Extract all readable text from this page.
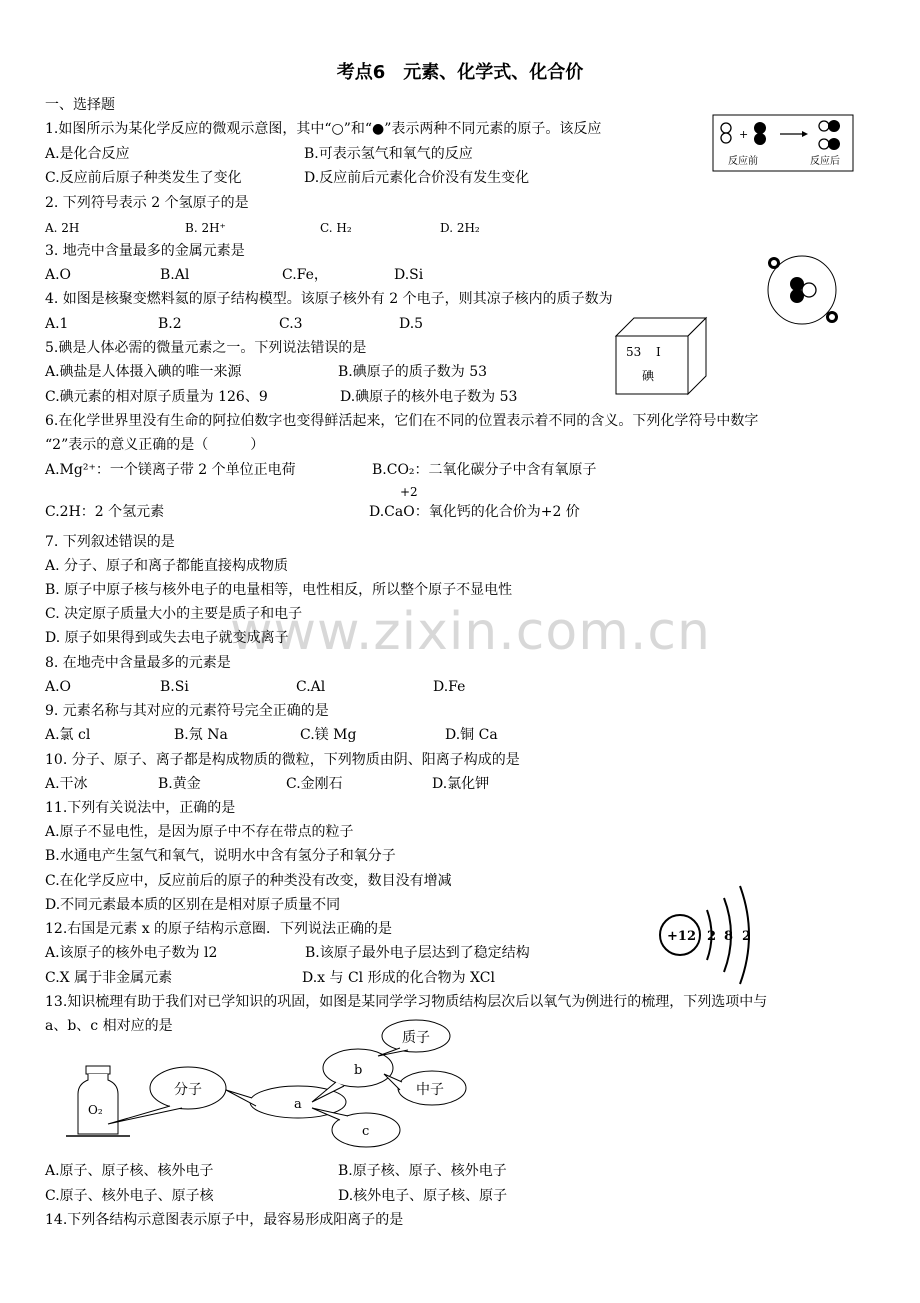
www.zixin.com.cn
考点6　元素、化学式、化合价
一、选择题
1.如图所示为某化学反应的微观示意图，其中“○”和“●”表示两种不同元素的原子。该反应
A.是化合反应	B.可表示氢气和氧气的反应
C.反应前后原子种类发生了变化	D.反应前后元素化合价没有发生变化
+
反应前	反应后
2. 下列符号表示 2 个氢原子的是
A. 2H	B. 2H⁺	C. H₂	D. 2H₂
3. 地壳中含量最多的金属元素是
A.O	B.Al	C.Fe，	D.Si
4. 如图是核聚变燃料氦的原子结构模型。该原子核外有 2 个电子，则其凉子核内的质子数为
A.1	B.2	C.3	D.5
5.碘是人体必需的微量元素之一。下列说法错误的是
A.碘盐是人体摄入碘的唯一来源	B.碘原子的质子数为 53
C.碘元素的相对原子质量为 126、9	D.碘原子的核外电子数为 53
53 I
碘
6.在化学世界里没有生命的阿拉伯数字也变得鲜活起来，它们在不同的位置表示着不同的含义。下列化学符号中数字
“2”表示的意义正确的是（　　　）
A.Mg²⁺：一个镁离子带 2 个单位正电荷	B.CO₂：二氧化碳分子中含有氧原子
+2
C.2H：2 个氢元素	D.CaO：氧化钙的化合价为+2 价
7. 下列叙述错误的是
A. 分子、原子和离子都能直接构成物质
B. 原子中原子核与核外电子的电量相等，电性相反，所以整个原子不显电性
C. 决定原子质量大小的主要是质子和电子
D. 原子如果得到或失去电子就变成离子
8. 在地壳中含量最多的元素是
A.O	B.Si	C.Al	D.Fe
9. 元素名称与其对应的元素符号完全正确的是
A.氯 cl	B.氖 Na	C.镁 Mg	D.铜 Ca
10. 分子、原子、离子都是构成物质的微粒，下列物质由阴、阳离子构成的是
A.干冰	B.黄金	C.金刚石	D.氯化钾
11.下列有关说法中，正确的是
A.原子不显电性，是因为原子中不存在带点的粒子
B.水通电产生氢气和氧气，说明水中含有氢分子和氧分子
C.在化学反应中，反应前后的原子的种类没有改变，数目没有增减
D.不同元素最本质的区别在是相对原子质量不同
12.右国是元素 x 的原子结构示意圈．下列说法正确的是
A.该原子的核外电子数为 l2	B.该原子最外电子层达到了稳定结构
C.X 属于非金属元素	D.x 与 Cl 形成的化合物为 XCl
+12 2 8 2
13.知识梳理有助于我们对已学知识的巩固，如图是某同学学习物质结构层次后以氧气为例进行的梳理，下列选项中与
a、b、c 相对应的是
O₂
分子
a
b
c
质子
中子
A.原子、原子核、核外电子	B.原子核、原子、核外电子
C.原子、核外电子、原子核	D.核外电子、原子核、原子
14.下列各结构示意图表示原子中，最容易形成阳离子的是
